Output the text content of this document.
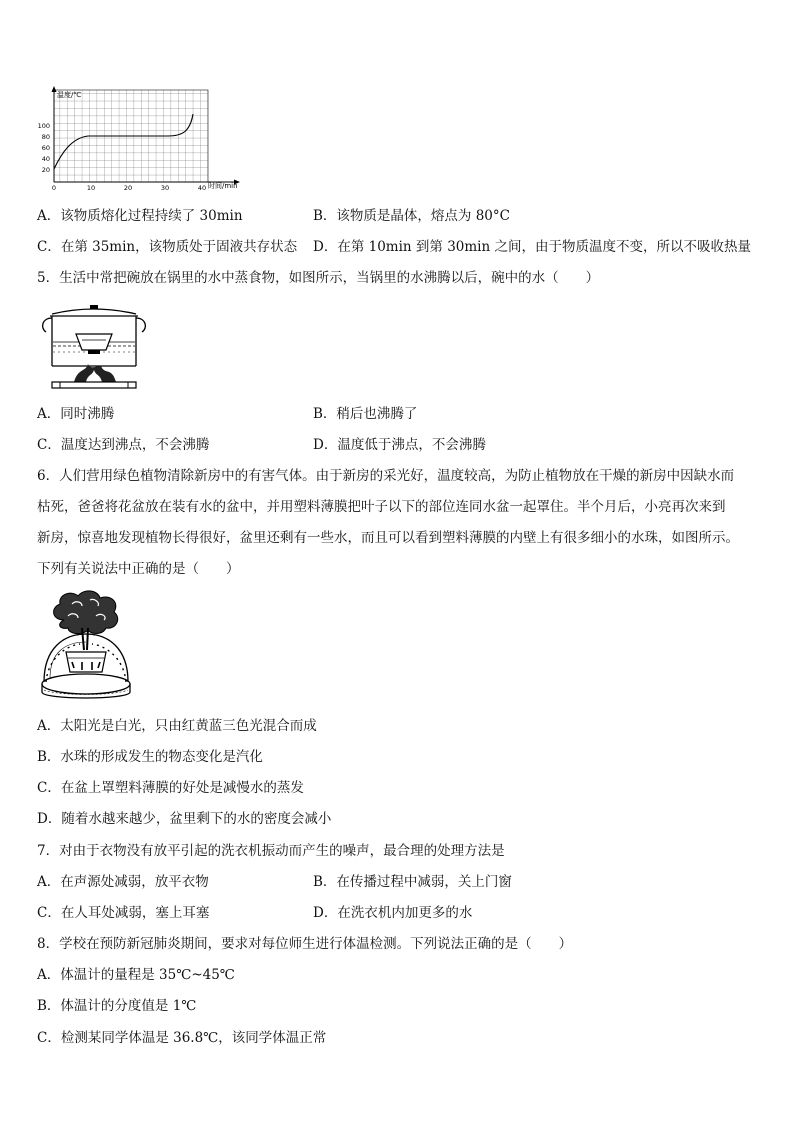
温度/℃
时间/min
20
40
60
80
100
0	10	20	30	40
A．该物质熔化过程持续了 30min	B．该物质是晶体，熔点为 80°C
C．在第 35min，该物质处于固液共存状态 D．在第 10min 到第 30min 之间，由于物质温度不变，所以不吸收热量
5．生活中常把碗放在锅里的水中蒸食物，如图所示，当锅里的水沸腾以后，碗中的水（　　）
A．同时沸腾	B．稍后也沸腾了
C．温度达到沸点，不会沸腾	D．温度低于沸点，不会沸腾
6．人们营用绿色植物清除新房中的有害气体。由于新房的采光好，温度较高，为防止植物放在干燥的新房中因缺水而
枯死，爸爸将花盆放在装有水的盆中，并用塑料薄膜把叶子以下的部位连同水盆一起罩住。半个月后，小亮再次来到
新房，惊喜地发现植物长得很好，盆里还剩有一些水，而且可以看到塑料薄膜的内壁上有很多细小的水珠，如图所示。
下列有关说法中正确的是（　　）
A．太阳光是白光，只由红黄蓝三色光混合而成
B．水珠的形成发生的物态变化是汽化
C．在盆上罩塑料薄膜的好处是减慢水的蒸发
D．随着水越来越少，盆里剩下的水的密度会减小
7．对由于衣物没有放平引起的洗衣机振动而产生的噪声，最合理的处理方法是
A．在声源处减弱，放平衣物	B．在传播过程中减弱，关上门窗
C．在人耳处减弱，塞上耳塞	D．在洗衣机内加更多的水
8．学校在预防新冠肺炎期间，要求对每位师生进行体温检测。下列说法正确的是（　　）
A．体温计的量程是 35℃~45℃
B．体温计的分度值是 1℃
C．检测某同学体温是 36.8℃，该同学体温正常
